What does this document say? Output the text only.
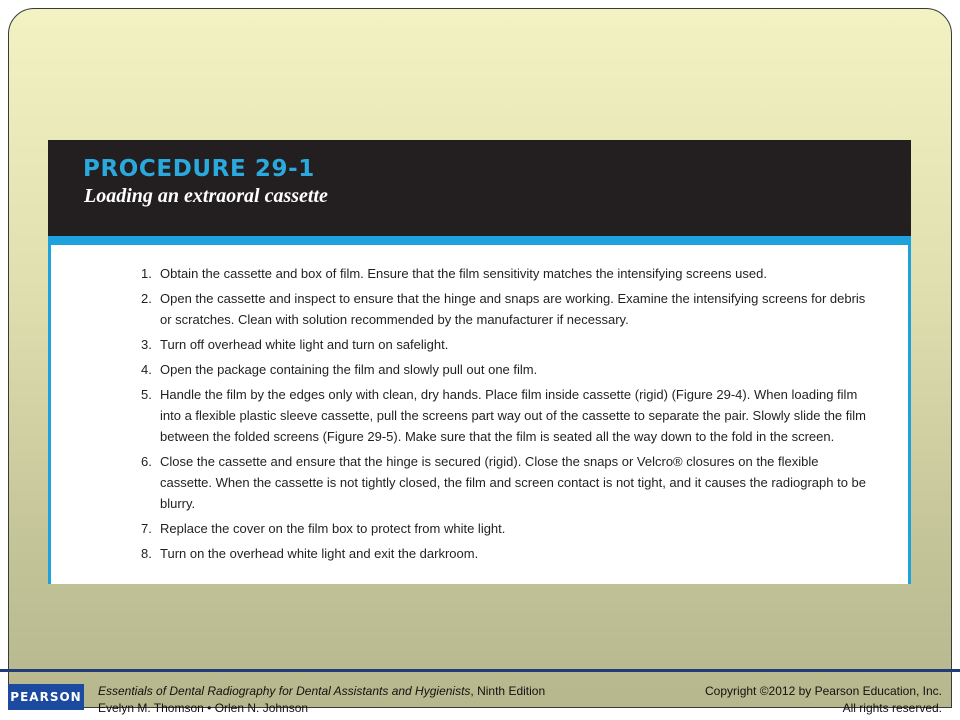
PROCEDURE 29-1
Loading an extraoral cassette
1. Obtain the cassette and box of film. Ensure that the film sensitivity matches the intensifying screens used.
2. Open the cassette and inspect to ensure that the hinge and snaps are working. Examine the intensifying screens for debris or scratches. Clean with solution recommended by the manufacturer if necessary.
3. Turn off overhead white light and turn on safelight.
4. Open the package containing the film and slowly pull out one film.
5. Handle the film by the edges only with clean, dry hands. Place film inside cassette (rigid) (Figure 29-4). When loading film into a flexible plastic sleeve cassette, pull the screens part way out of the cassette to separate the pair. Slowly slide the film between the folded screens (Figure 29-5). Make sure that the film is seated all the way down to the fold in the screen.
6. Close the cassette and ensure that the hinge is secured (rigid). Close the snaps or Velcro® closures on the flexible cassette. When the cassette is not tightly closed, the film and screen contact is not tight, and it causes the radiograph to be blurry.
7. Replace the cover on the film box to protect from white light.
8. Turn on the overhead white light and exit the darkroom.
PEARSON Essentials of Dental Radiography for Dental Assistants and Hygienists, Ninth Edition
Evelyn M. Thomson • Orlen N. Johnson
Copyright ©2012 by Pearson Education, Inc.
All rights reserved.
